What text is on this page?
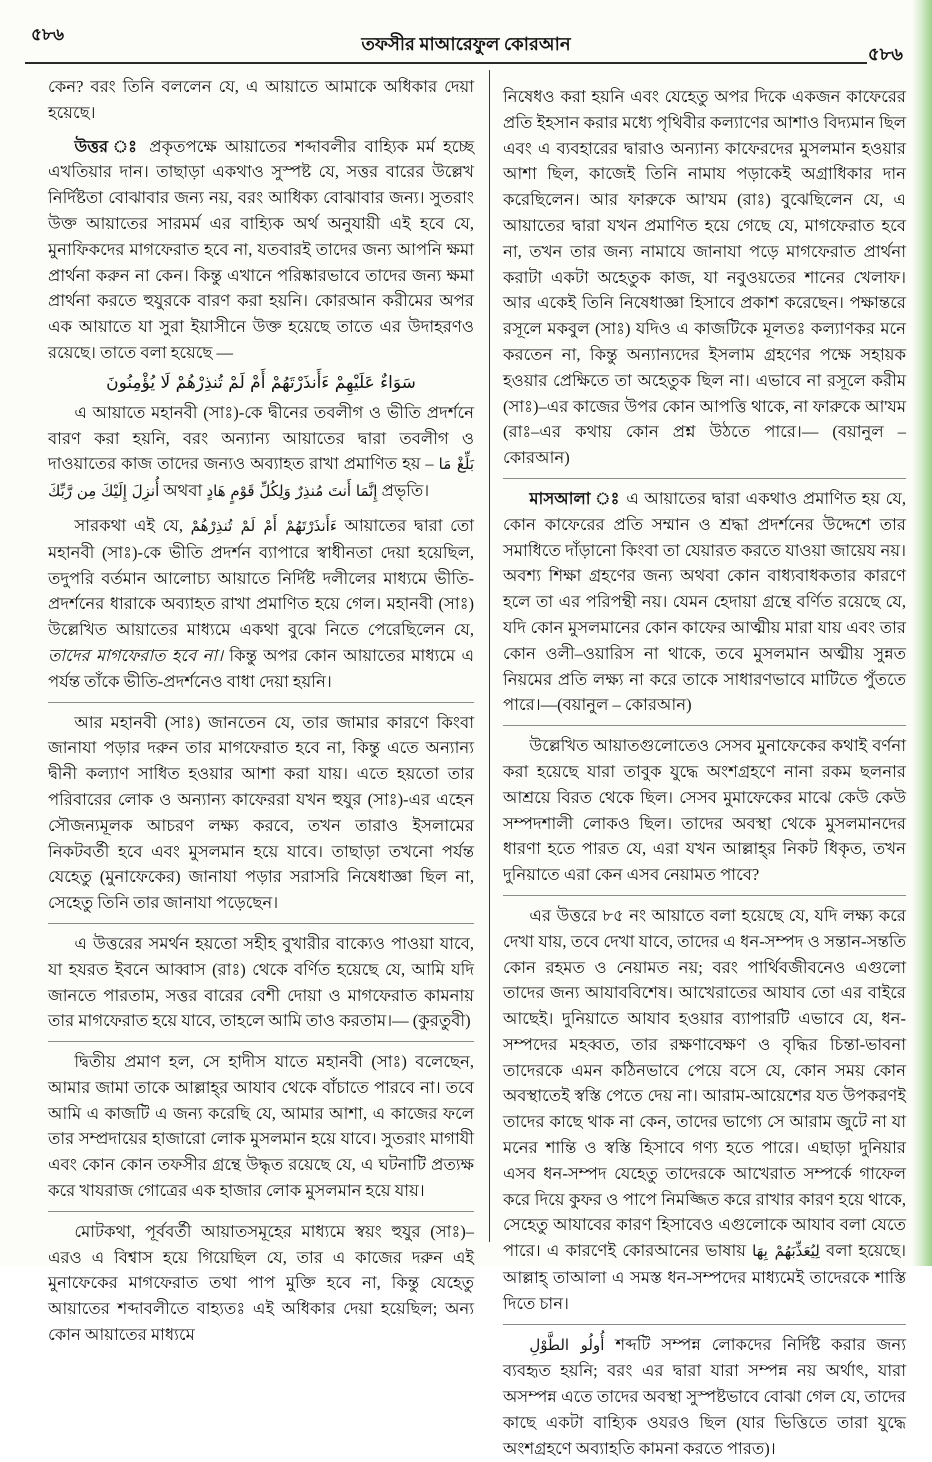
৫৮৬	তফসীর মাআরেফুল কোরআন	৫৮৬

কেন? বরং তিনি বললেন যে, এ আয়াতে আমাকে অধিকার দেয়া হয়েছে।

উত্তর ঃ প্রকৃতপক্ষে আয়াতের শব্দাবলীর বাহ্যিক মর্ম হচ্ছে এখতিয়ার দান। তাছাড়া একথাও সুস্পষ্ট যে, সত্তর বারের উল্লেখ নির্দিষ্টতা বোঝাবার জন্য নয়, বরং আধিক্য বোঝাবার জন্য। সুতরাং উক্ত আয়াতের সারমর্ম এর বাহ্যিক অর্থ অনুযায়ী এই হবে যে, মুনাফিকদের মাগফেরাত হবে না, যতবারই তাদের জন্য আপনি ক্ষমা প্রার্থনা করুন না কেন। কিন্তু এখানে পরিষ্কারভাবে তাদের জন্য ক্ষমা প্রার্থনা করতে হুযুরকে বারণ করা হয়নি। কোরআন করীমের অপর এক আয়াতে যা সুরা ইয়াসীনে উক্ত হয়েছে তাতে এর উদাহরণও রয়েছে। তাতে বলা হয়েছে —

سَوَاءٌ عَلَيْهِمْ ءَأَنذَرْتَهُمْ أَمْ لَمْ تُنذِرْهُمْ لَا يُؤْمِنُونَ

এ আয়াতে মহানবী (সাঃ)-কে দ্বীনের তবলীগ ও ভীতি প্রদর্শনে বারণ করা হয়নি, বরং অন্যান্য আয়াতের দ্বারা তবলীগ ও দাওয়াতের কাজ তাদের জন্যও অব্যাহত রাখা প্রমাণিত হয় – بَلِّغْ مَا أُنزِلَ إِلَيْكَ مِن رَّبِّكَ অথবা إِنَّمَا أَنتَ مُنذِرٌ وَلِكُلِّ قَوْمٍ هَادٍ প্রভৃতি।

সারকথা এই যে, ءَأَنذَرْتَهُمْ أَمْ لَمْ تُنذِرْهُمْ আয়াতের দ্বারা তো মহানবী (সাঃ)-কে ভীতি প্রদর্শন ব্যাপারে স্বাধীনতা দেয়া হয়েছিল, তদুপরি বর্তমান আলোচ্য আয়াতে নির্দিষ্ট দলীলের মাধ্যমে ভীতি-প্রদর্শনের ধারাকে অব্যাহত রাখা প্রমাণিত হয়ে গেল। মহানবী (সাঃ) উল্লেখিত আয়াতের মাধ্যমে একথা বুঝে নিতে পেরেছিলেন যে, তাদের মাগফেরাত হবে না। কিন্তু অপর কোন আয়াতের মাধ্যমে এ পর্যন্ত তাঁকে ভীতি-প্রদর্শনেও বাধা দেয়া হয়নি।

আর মহানবী (সাঃ) জানতেন যে, তার জামার কারণে কিংবা জানাযা পড়ার দরুন তার মাগফেরাত হবে না, কিন্তু এতে অন্যান্য দ্বীনী কল্যাণ সাধিত হওয়ার আশা করা যায়। এতে হয়তো তার পরিবারের লোক ও অন্যান্য কাফেররা যখন হুযুর (সাঃ)-এর এহেন সৌজন্যমূলক আচরণ লক্ষ্য করবে, তখন তারাও ইসলামের নিকটবর্তী হবে এবং মুসলমান হয়ে যাবে। তাছাড়া তখনো পর্যন্ত যেহেতু (মুনাফেকের) জানাযা পড়ার সরাসরি নিষেধাজ্ঞা ছিল না, সেহেতু তিনি তার জানাযা পড়েছেন।

এ উত্তরের সমর্থন হয়তো সহীহ বুখারীর বাক্যেও পাওয়া যাবে, যা হযরত ইবনে আব্বাস (রাঃ) থেকে বর্ণিত হয়েছে যে, আমি যদি জানতে পারতাম, সত্তর বারের বেশী দোয়া ও মাগফেরাত কামনায় তার মাগফেরাত হয়ে যাবে, তাহলে আমি তাও করতাম।— (কুরতুবী)

দ্বিতীয় প্রমাণ হল, সে হাদীস যাতে মহানবী (সাঃ) বলেছেন, আমার জামা তাকে আল্লাহ্‌র আযাব থেকে বাঁচাতে পারবে না। তবে আমি এ কাজটি এ জন্য করেছি যে, আমার আশা, এ কাজের ফলে তার সম্প্রদায়ের হাজারো লোক মুসলমান হয়ে যাবে। সুতরাং মাগাযী এবং কোন কোন তফসীর গ্রন্থে উদ্ধৃত রয়েছে যে, এ ঘটনাটি প্রত্যক্ষ করে খাযরাজ গোত্রের এক হাজার লোক মুসলমান হয়ে যায়।

মোটকথা, পূর্ববর্তী আয়াতসমূহের মাধ্যমে স্বয়ং হুযুর (সাঃ)– এরও এ বিশ্বাস হয়ে গিয়েছিল যে, তার এ কাজের দরুন এই মুনাফেকের মাগফেরাত তথা পাপ মুক্তি হবে না, কিন্তু যেহেতু আয়াতের শব্দাবলীতে বাহ্যতঃ এই অধিকার দেয়া হয়েছিল; অন্য কোন আয়াতের মাধ্যমে

নিষেধও করা হয়নি এবং যেহেতু অপর দিকে একজন কাফেরের প্রতি ইহসান করার মধ্যে পৃথিবীর কল্যাণের আশাও বিদ্যমান ছিল এবং এ ব্যবহারের দ্বারাও অন্যান্য কাফেরদের মুসলমান হওয়ার আশা ছিল, কাজেই তিনি নামায পড়াকেই অগ্রাধিকার দান করেছিলেন। আর ফারুকে আ'যম (রাঃ) বুঝেছিলেন যে, এ আয়াতের দ্বারা যখন প্রমাণিত হয়ে গেছে যে, মাগফেরাত হবে না, তখন তার জন্য নামাযে জানাযা পড়ে মাগফেরাত প্রার্থনা করাটা একটা অহেতুক কাজ, যা নবুওয়তের শানের খেলাফ। আর একেই তিনি নিষেধাজ্ঞা হিসাবে প্রকাশ করেছেন। পক্ষান্তরে রসূলে মকবুল (সাঃ) যদিও এ কাজটিকে মূলতঃ কল্যাণকর মনে করতেন না, কিন্তু অন্যান্যদের ইসলাম গ্রহণের পক্ষে সহায়ক হওয়ার প্রেক্ষিতে তা অহেতুক ছিল না। এভাবে না রসূলে করীম (সাঃ)–এর কাজের উপর কোন আপত্তি থাকে, না ফারুকে আ'যম (রাঃ–এর কথায় কোন প্রশ্ন উঠতে পারে।— (বয়ানুল – কোরআন)

মাসআলা ঃ এ আয়াতের দ্বারা একথাও প্রমাণিত হয় যে, কোন কাফেরের প্রতি সম্মান ও শ্রদ্ধা প্রদর্শনের উদ্দেশে তার সমাধিতে দাঁড়ানো কিংবা তা যেয়ারত করতে যাওয়া জায়েয নয়। অবশ্য শিক্ষা গ্রহণের জন্য অথবা কোন বাধ্যবাধকতার কারণে হলে তা এর পরিপন্থী নয়। যেমন হেদায়া গ্রন্থে বর্ণিত রয়েছে যে, যদি কোন মুসলমানের কোন কাফের আত্মীয় মারা যায় এবং তার কোন ওলী–ওয়ারিস না থাকে, তবে মুসলমান অত্মীয় সুন্নত নিয়মের প্রতি লক্ষ্য না করে তাকে সাধারণভাবে মাটিতে পুঁততে পারে।—(বয়ানুল – কোরআন)

উল্লেখিত আয়াতগুলোতেও সেসব মুনাফেকের কথাই বর্ণনা করা হয়েছে যারা তাবুক যুদ্ধে অংশগ্রহণে নানা রকম ছলনার আশ্রয়ে বিরত থেকে ছিল। সেসব মুমাফেকের মাঝে কেউ কেউ সম্পদশালী লোকও ছিল। তাদের অবস্থা থেকে মুসলমানদের ধারণা হতে পারত যে, এরা যখন আল্লাহ্‌র নিকট ধিকৃত, তখন দুনিয়াতে এরা কেন এসব নেয়ামত পাবে?

এর উত্তরে ৮৫ নং আয়াতে বলা হয়েছে যে, যদি লক্ষ্য করে দেখা যায়, তবে দেখা যাবে, তাদের এ ধন-সম্পদ ও সন্তান-সন্ততি কোন রহমত ও নেয়ামত নয়; বরং পার্থিবজীবনেও এগুলো তাদের জন্য আযাববিশেষ। আখেরাতের আযাব তো এর বাইরে আছেই। দুনিয়াতে আযাব হওয়ার ব্যাপারটি এভাবে যে, ধন-সম্পদের মহব্বত, তার রক্ষণাবেক্ষণ ও বৃদ্ধির চিন্তা-ভাবনা তাদেরকে এমন কঠিনভাবে পেয়ে বসে যে, কোন সময় কোন অবস্থাতেই স্বস্তি পেতে দেয় না। আরাম-আয়েশের যত উপকরণই তাদের কাছে থাক না কেন, তাদের ভাগ্যে সে আরাম জুটে না যা মনের শান্তি ও স্বস্তি হিসাবে গণ্য হতে পারে। এছাড়া দুনিয়ার এসব ধন-সম্পদ যেহেতু তাদেরকে আখেরাত সম্পর্কে গাফেল করে দিয়ে কুফর ও পাপে নিমজ্জিত করে রাখার কারণ হয়ে থাকে, সেহেতু আযাবের কারণ হিসাবেও এগুলোকে আযাব বলা যেতে পারে। এ কারণেই কোরআনের ভাষায় لِيُعَذِّبَهُمْ بِهَا বলা হয়েছে। আল্লাহ্ তাআলা এ সমস্ত ধন-সম্পদের মাধ্যমেই তাদেরকে শাস্তি দিতে চান।

أُولُو الطَّوْلِ শব্দটি সম্পন্ন লোকদের নির্দিষ্ট করার জন্য ব্যবহৃত হয়নি; বরং এর দ্বারা যারা সম্পন্ন নয় অর্থাৎ, যারা অসম্পন্ন এতে তাদের অবস্থা সুস্পষ্টভাবে বোঝা গেল যে, তাদের কাছে একটা বাহ্যিক ওযরও ছিল (যার ভিত্তিতে তারা যুদ্ধে অংশগ্রহণে অব্যাহতি কামনা করতে পারত)।
